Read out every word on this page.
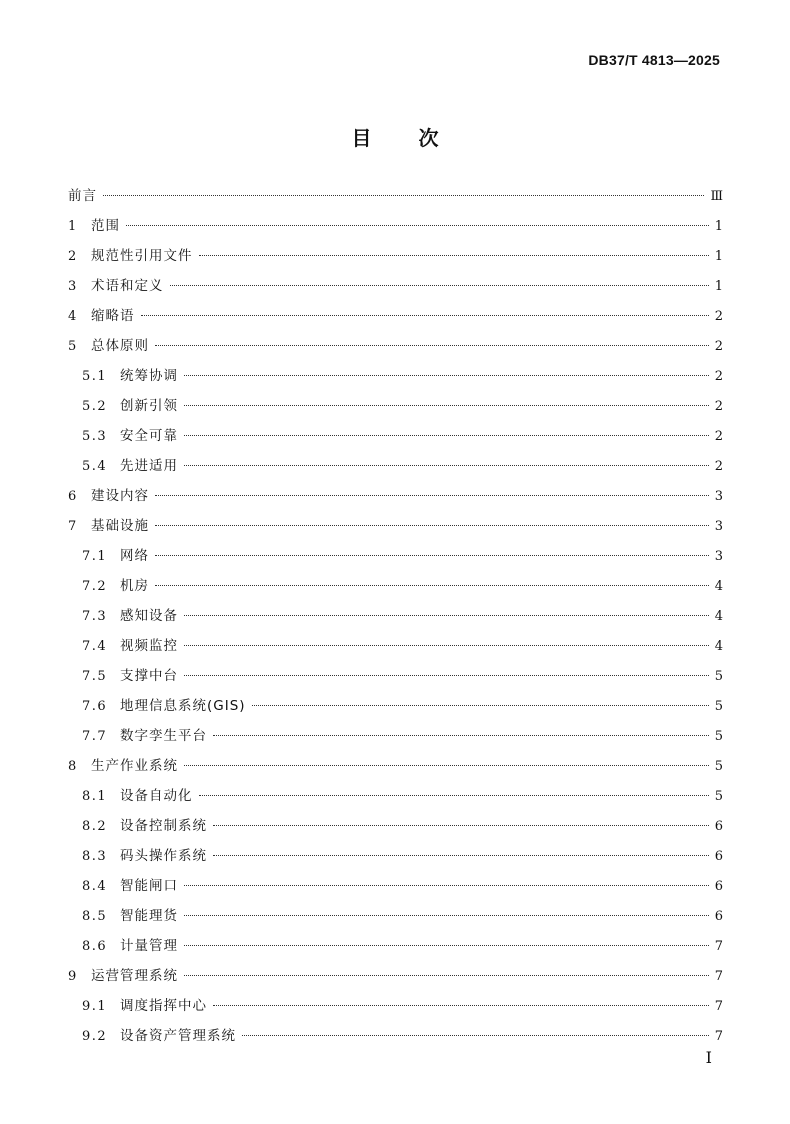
DB37/T 4813—2025
目 次
前言	Ⅲ
1	范围	1
2	规范性引用文件	1
3	术语和定义	1
4	缩略语	2
5	总体原则	2
5.1 统筹协调	2
5.2 创新引领	2
5.3 安全可靠	2
5.4 先进适用	2
6	建设内容	3
7	基础设施	3
7.1 网络	3
7.2 机房	4
7.3 感知设备	4
7.4 视频监控	4
7.5 支撑中台	5
7.6 地理信息系统(GIS)	5
7.7 数字孪生平台	5
8	生产作业系统	5
8.1 设备自动化	5
8.2 设备控制系统	6
8.3 码头操作系统	6
8.4 智能闸口	6
8.5 智能理货	6
8.6 计量管理	7
9	运营管理系统	7
9.1 调度指挥中心	7
9.2 设备资产管理系统	7
I
